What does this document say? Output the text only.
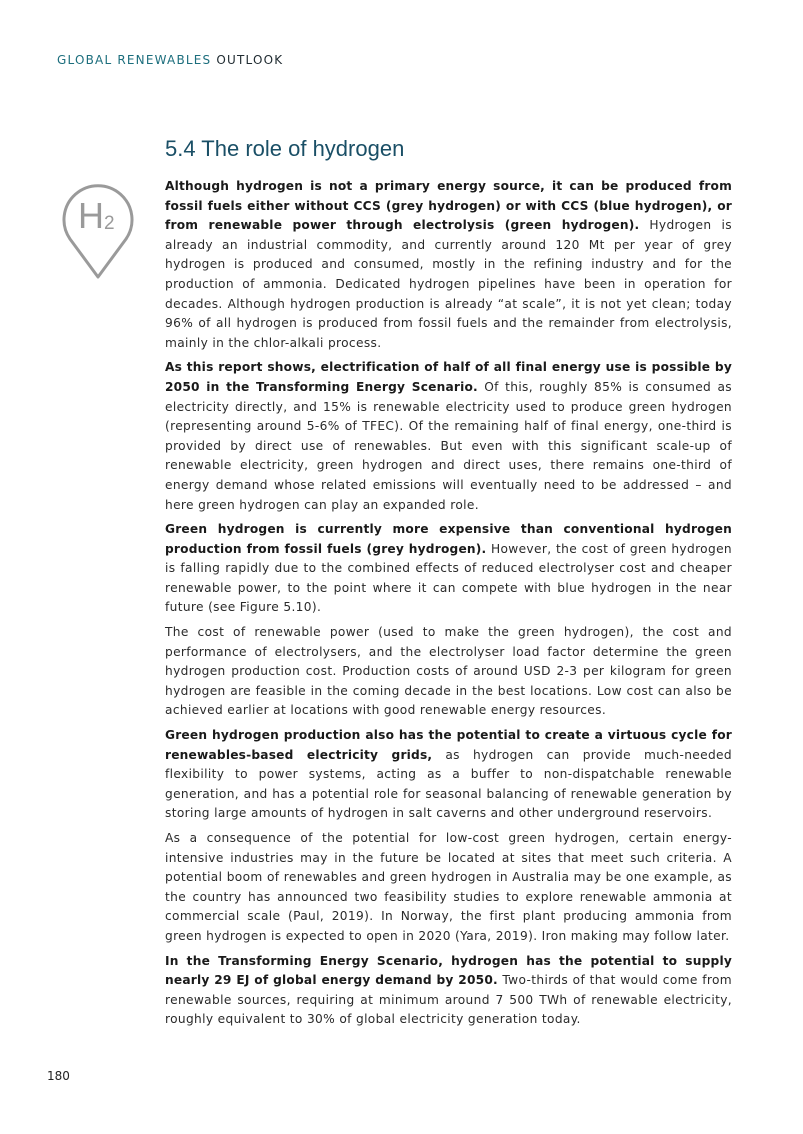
GLOBAL RENEWABLES OUTLOOK
5.4 The role of hydrogen
H 2

Although hydrogen is not a primary energy source, it can be produced from fossil fuels either without CCS (grey hydrogen) or with CCS (blue hydrogen), or from renewable power through electrolysis (green hydrogen). Hydrogen is already an industrial commodity, and currently around 120 Mt per year of grey hydrogen is produced and consumed, mostly in the refining industry and for the production of ammonia. Dedicated hydrogen pipelines have been in operation for decades. Although hydrogen production is already “at scale”, it is not yet clean; today 96% of all hydrogen is produced from fossil fuels and the remainder from electrolysis, mainly in the chlor-alkali process.

As this report shows, electrification of half of all final energy use is possible by 2050 in the Transforming Energy Scenario. Of this, roughly 85% is consumed as electricity directly, and 15% is renewable electricity used to produce green hydrogen (representing around 5-6% of TFEC). Of the remaining half of final energy, one-third is provided by direct use of renewables. But even with this significant scale-up of renewable electricity, green hydrogen and direct uses, there remains one-third of energy demand whose related emissions will eventually need to be addressed – and here green hydrogen can play an expanded role.

Green hydrogen is currently more expensive than conventional hydrogen production from fossil fuels (grey hydrogen). However, the cost of green hydrogen is falling rapidly due to the combined effects of reduced electrolyser cost and cheaper renewable power, to the point where it can compete with blue hydrogen in the near future (see Figure 5.10).

The cost of renewable power (used to make the green hydrogen), the cost and performance of electrolysers, and the electrolyser load factor determine the green hydrogen production cost. Production costs of around USD 2-3 per kilogram for green hydrogen are feasible in the coming decade in the best locations. Low cost can also be achieved earlier at locations with good renewable energy resources.

Green hydrogen production also has the potential to create a virtuous cycle for renewables-based electricity grids, as hydrogen can provide much-needed flexibility to power systems, acting as a buffer to non-dispatchable renewable generation, and has a potential role for seasonal balancing of renewable generation by storing large amounts of hydrogen in salt caverns and other underground reservoirs.

As a consequence of the potential for low-cost green hydrogen, certain energy-intensive industries may in the future be located at sites that meet such criteria. A potential boom of renewables and green hydrogen in Australia may be one example, as the country has announced two feasibility studies to explore renewable ammonia at commercial scale (Paul, 2019). In Norway, the first plant producing ammonia from green hydrogen is expected to open in 2020 (Yara, 2019). Iron making may follow later.

In the Transforming Energy Scenario, hydrogen has the potential to supply nearly 29 EJ of global energy demand by 2050. Two-thirds of that would come from renewable sources, requiring at minimum around 7 500 TWh of renewable electricity, roughly equivalent to 30% of global electricity generation today.

180
